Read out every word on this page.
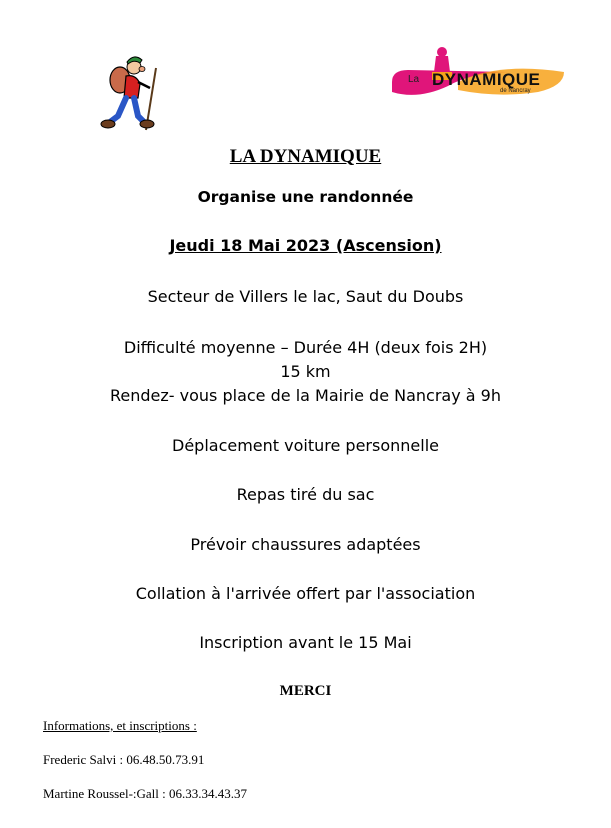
La DYNAMIQUE
de Nancray
LA DYNAMIQUE
Organise une randonnée
Jeudi 18 Mai 2023 (Ascension)
Secteur de Villers le lac, Saut du Doubs
Difficulté moyenne – Durée 4H (deux fois 2H)
15 km
Rendez- vous place de la Mairie de Nancray à 9h
Déplacement voiture personnelle
Repas tiré du sac
Prévoir chaussures adaptées
Collation à l'arrivée offert par l'association
Inscription avant le 15 Mai
MERCI
Informations, et inscriptions :
Frederic Salvi : 06.48.50.73.91
Martine Roussel-:Gall : 06.33.34.43.37
